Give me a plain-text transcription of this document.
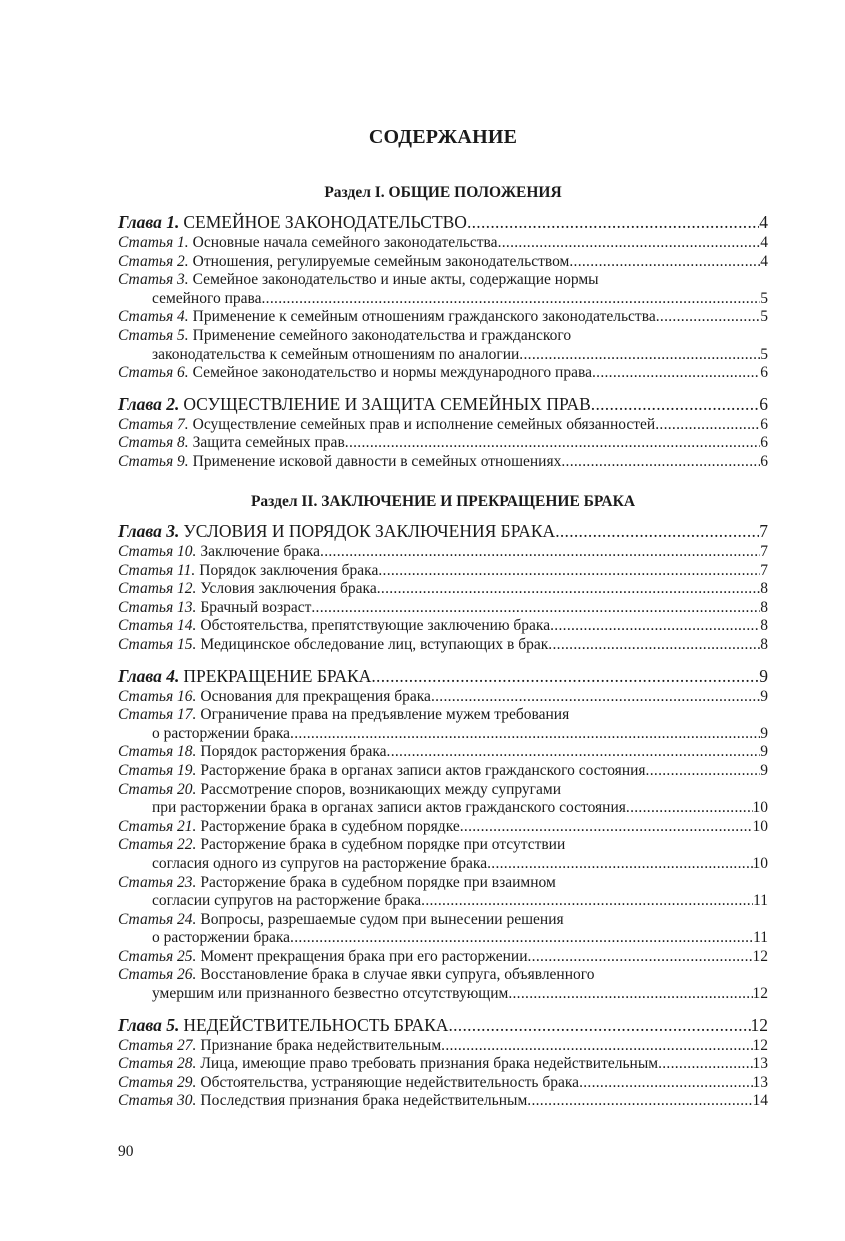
СОДЕРЖАНИЕ
Раздел I. ОБЩИЕ ПОЛОЖЕНИЯ
Глава 1. СЕМЕЙНОЕ ЗАКОНОДАТЕЛЬСТВО .....	4
Статья 1. Основные начала семейного законодательства .....	4
Статья 2. Отношения, регулируемые семейным законодательством .....	4
Статья 3. Семейное законодательство и иные акты, содержащие нормы
семейного права .....	5
Статья 4. Применение к семейным отношениям гражданского законодательства .....	5
Статья 5. Применение семейного законодательства и гражданского
законодательства к семейным отношениям по аналогии .....	5
Статья 6. Семейное законодательство и нормы международного права .....	6
Глава 2. ОСУЩЕСТВЛЕНИЕ И ЗАЩИТА СЕМЕЙНЫХ ПРАВ .....	6
Статья 7. Осуществление семейных прав и исполнение семейных обязанностей .....	6
Статья 8. Защита семейных прав .....	6
Статья 9. Применение исковой давности в семейных отношениях .....	6
Раздел II. ЗАКЛЮЧЕНИЕ И ПРЕКРАЩЕНИЕ БРАКА
Глава 3. УСЛОВИЯ И ПОРЯДОК ЗАКЛЮЧЕНИЯ БРАКА .....	7
Статья 10. Заключение брака .....	7
Статья 11. Порядок заключения брака .....	7
Статья 12. Условия заключения брака .....	8
Статья 13. Брачный возраст .....	8
Статья 14. Обстоятельства, препятствующие заключению брака .....	8
Статья 15. Медицинское обследование лиц, вступающих в брак .....	8
Глава 4. ПРЕКРАЩЕНИЕ БРАКА .....	9
Статья 16. Основания для прекращения брака .....	9
Статья 17. Ограничение права на предъявление мужем требования
о расторжении брака .....	9
Статья 18. Порядок расторжения брака .....	9
Статья 19. Расторжение брака в органах записи актов гражданского состояния .....	9
Статья 20. Рассмотрение споров, возникающих между супругами
при расторжении брака в органах записи актов гражданского состояния .....	10
Статья 21. Расторжение брака в судебном порядке .....	10
Статья 22. Расторжение брака в судебном порядке при отсутствии
согласия одного из супругов на расторжение брака .....	10
Статья 23. Расторжение брака в судебном порядке при взаимном
согласии супругов на расторжение брака .....	11
Статья 24. Вопросы, разрешаемые судом при вынесении решения
о расторжении брака .....	11
Статья 25. Момент прекращения брака при его расторжении .....	12
Статья 26. Восстановление брака в случае явки супруга, объявленного
умершим или признанного безвестно отсутствующим .....	12
Глава 5. НЕДЕЙСТВИТЕЛЬНОСТЬ БРАКА .....	12
Статья 27. Признание брака недействительным .....	12
Статья 28. Лица, имеющие право требовать признания брака недействительным .....	13
Статья 29. Обстоятельства, устраняющие недействительность брака .....	13
Статья 30. Последствия признания брака недействительным .....	14
90
